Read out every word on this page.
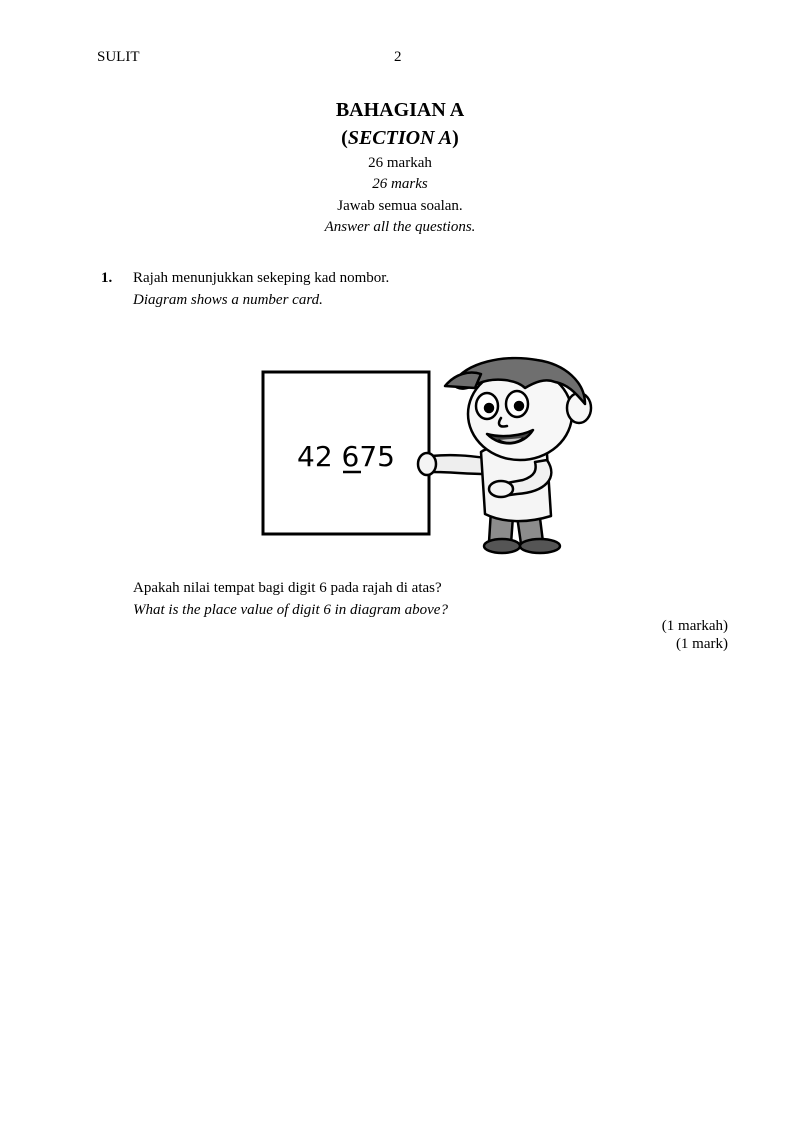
SULIT	2
BAHAGIAN A
(SECTION A)
26 markah
26 marks
Jawab semua soalan.
Answer all the questions.
1. Rajah menunjukkan sekeping kad nombor.
Diagram shows a number card.
42 675
Apakah nilai tempat bagi digit 6 pada rajah di atas?
What is the place value of digit 6 in diagram above?
(1 markah)
(1 mark)
